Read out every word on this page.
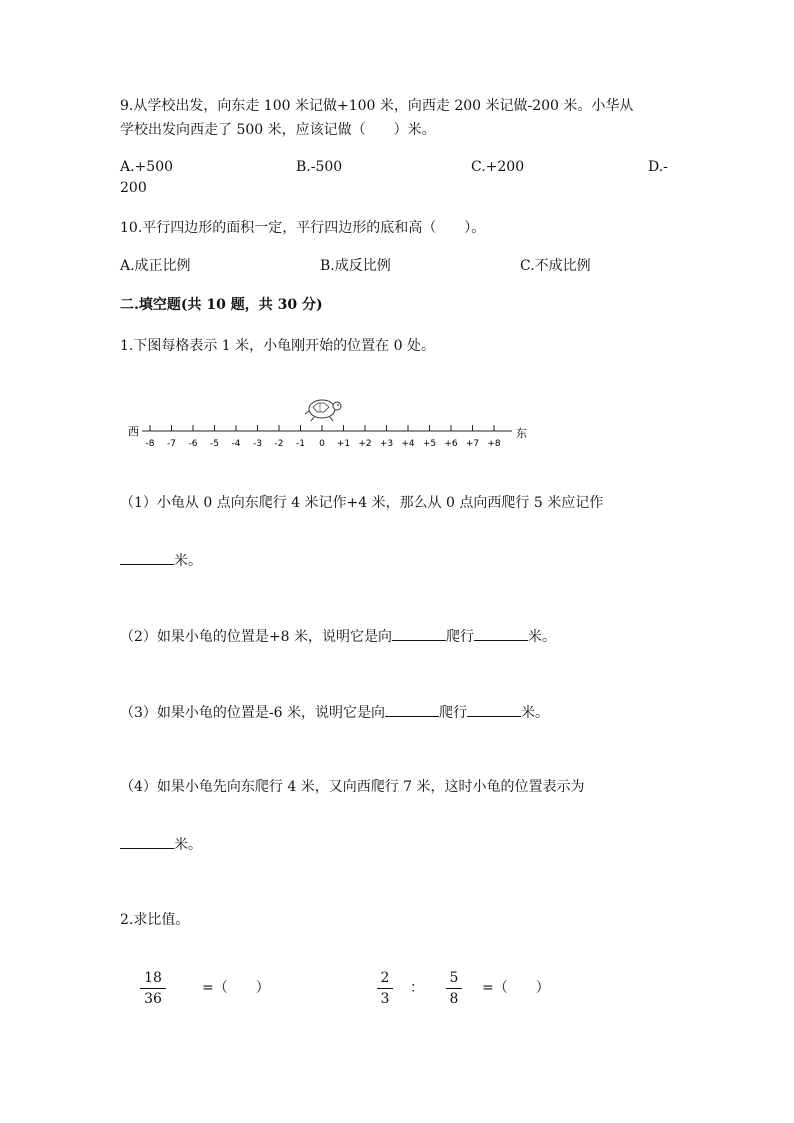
9.从学校出发，向东走 100 米记做+100 米，向西走 200 米记做-200 米。小华从
学校出发向西走了 500 米，应该记做（　　）米。
A.+500	B.-500	C.+200	D.-
200
10.平行四边形的面积一定，平行四边形的底和高（　　）。
A.成正比例	B.成反比例	C.不成比例
二.填空题(共 10 题，共 30 分)
1.下图每格表示 1 米，小龟刚开始的位置在 0 处。
西	东
-8 -7 -6 -5 -4 -3 -2 -1 0 +1 +2 +3 +4 +5 +6 +7 +8
（1）小龟从 0 点向东爬行 4 米记作+4 米，那么从 0 点向西爬行 5 米应记作
米。
（2）如果小龟的位置是+8 米，说明它是向	爬行	米。
（3）如果小龟的位置是-6 米，说明它是向	爬行	米。
（4）如果小龟先向东爬行 4 米，又向西爬行 7 米，这时小龟的位置表示为
米。
2.求比值。
18
36
=（　　）
2
3
：
5
8
=（　　）
